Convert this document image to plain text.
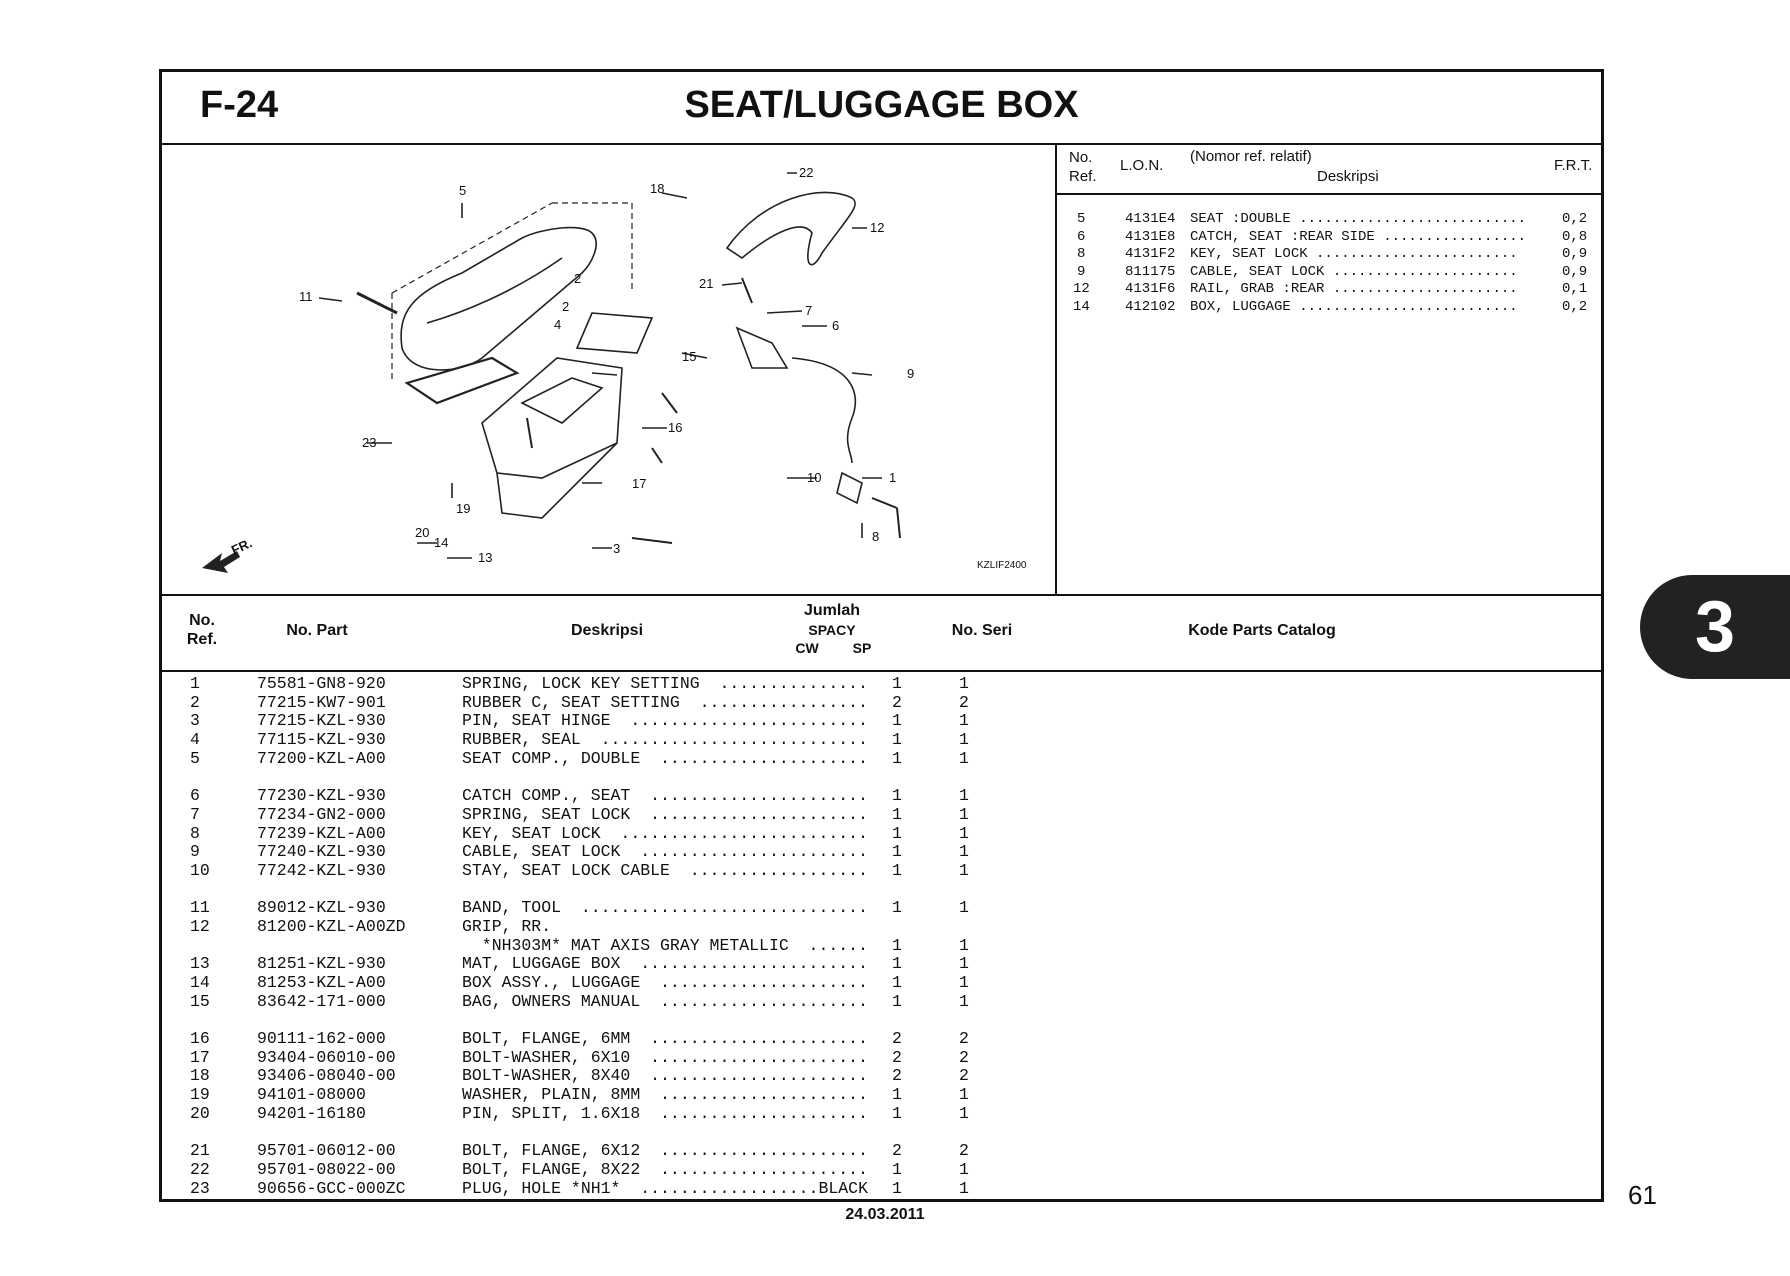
F-24	SEAT/LUGGAGE BOX
5	18
22
12
11
2
2
21
7
6
4
15
9
23
16
20
17	10	1
19
14
13
3
8
FR.
KZLIF2400
No.
Ref.
L.O.N.
(Nomor ref. relatif)
Deskripsi
F.R.T.
5	4131E4 SEAT :DOUBLE ...........................	0,2
6	4131E8 CATCH, SEAT :REAR SIDE .................	0,8
8	4131F2 KEY, SEAT LOCK ........................	0,9
9	811175 CABLE, SEAT LOCK ......................	0,9
12	4131F6 RAIL, GRAB :REAR ......................	0,1
14	412102 BOX, LUGGAGE ..........................	0,2
No.
Ref.
No. Part	Deskripsi
Jumlah
SPACY
CW	SP
No. Seri	Kode Parts Catalog
1	75581-GN8-920	SPRING, LOCK KEY SETTING  ............... 1	1
2	77215-KW7-901	RUBBER C, SEAT SETTING  ................. 2	2
3	77215-KZL-930	PIN, SEAT HINGE  ........................ 1	1
4	77115-KZL-930	RUBBER, SEAL  ........................... 1	1
5	77200-KZL-A00	SEAT COMP., DOUBLE  ..................... 1	1
6	77230-KZL-930	CATCH COMP., SEAT  ...................... 1	1
7	77234-GN2-000	SPRING, SEAT LOCK  ...................... 1	1
8	77239-KZL-A00	KEY, SEAT LOCK  ......................... 1	1
9	77240-KZL-930	CABLE, SEAT LOCK  ....................... 1	1
10	77242-KZL-930	STAY, SEAT LOCK CABLE  .................. 1	1
11	89012-KZL-930	BAND, TOOL  ............................. 1	1
12	81200-KZL-A00ZD	GRIP, RR.
*NH303M* MAT AXIS GRAY METALLIC  ...... 1	1
13	81251-KZL-930	MAT, LUGGAGE BOX  ....................... 1	1
14	81253-KZL-A00	BOX ASSY., LUGGAGE  ..................... 1	1
15	83642-171-000	BAG, OWNERS MANUAL  ..................... 1	1
16	90111-162-000	BOLT, FLANGE, 6MM  ...................... 2	2
17	93404-06010-00	BOLT-WASHER, 6X10  ...................... 2	2
18	93406-08040-00	BOLT-WASHER, 8X40  ...................... 2	2
19	94101-08000	WASHER, PLAIN, 8MM  ..................... 1	1
20	94201-16180	PIN, SPLIT, 1.6X18  ..................... 1	1
21	95701-06012-00	BOLT, FLANGE, 6X12  ..................... 2	2
22	95701-08022-00	BOLT, FLANGE, 8X22  ..................... 1	1
23	90656-GCC-000ZC	PLUG, HOLE *NH1*  ..................BLACK 1	1
24.03.2011
3
61
